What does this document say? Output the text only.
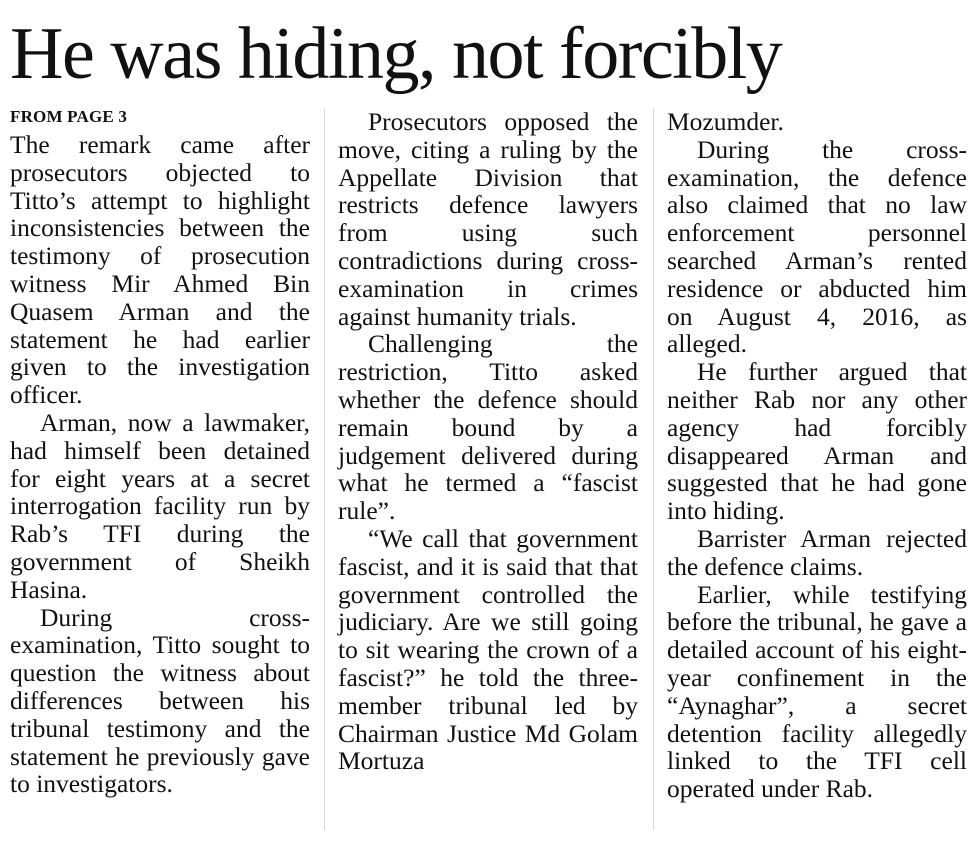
He was hiding, not forcibly
FROM PAGE 3

The remark came after prosecutors objected to Titto’s attempt to highlight inconsistencies between the testimony of prosecution witness Mir Ahmed Bin Quasem Arman and the statement he had earlier given to the investigation officer.

Arman, now a lawmaker, had himself been detained for eight years at a secret interrogation facility run by Rab’s TFI during the government of Sheikh Hasina.

During cross-examination, Titto sought to question the witness about differences between his tribunal testimony and the statement he previously gave to investigators.

Prosecutors opposed the move, citing a ruling by the Appellate Division that restricts defence lawyers from using such contradictions during cross-examination in crimes against humanity trials.

Challenging the restriction, Titto asked whether the defence should remain bound by a judgement delivered during what he termed a “fascist rule”.

“We call that government fascist, and it is said that that government controlled the judiciary. Are we still going to sit wearing the crown of a fascist?” he told the three-member tribunal led by Chairman Justice Md Golam Mortuza

Mozumder.

During the cross-examination, the defence also claimed that no law enforcement personnel searched Arman’s rented residence or abducted him on August 4, 2016, as alleged.

He further argued that neither Rab nor any other agency had forcibly disappeared Arman and suggested that he had gone into hiding.

Barrister Arman rejected the defence claims.

Earlier, while testifying before the tribunal, he gave a detailed account of his eight-year confinement in the “Aynaghar”, a secret detention facility allegedly linked to the TFI cell operated under Rab.
